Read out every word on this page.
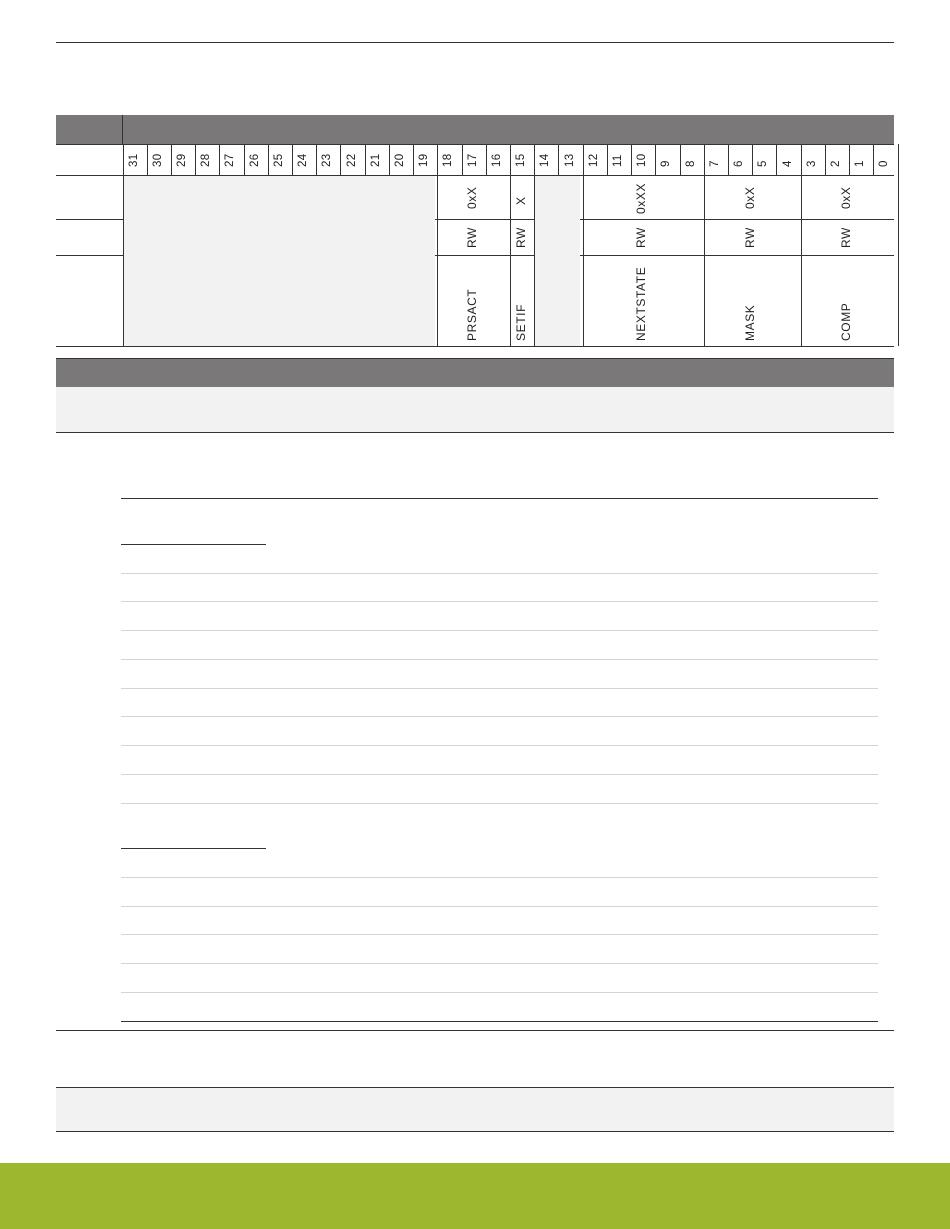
31 30 29 28 27 26 25 24 23 22 21 20 19 18 17 16 15 14 13 12 11 10 9 8 7 6 5 4 3 2 1 0
0xX
RW
PRSACT
X
RW
SETIF
0xXX
RW
NEXTSTATE
0xX
RW
MASK
0xX
RW
COMP
